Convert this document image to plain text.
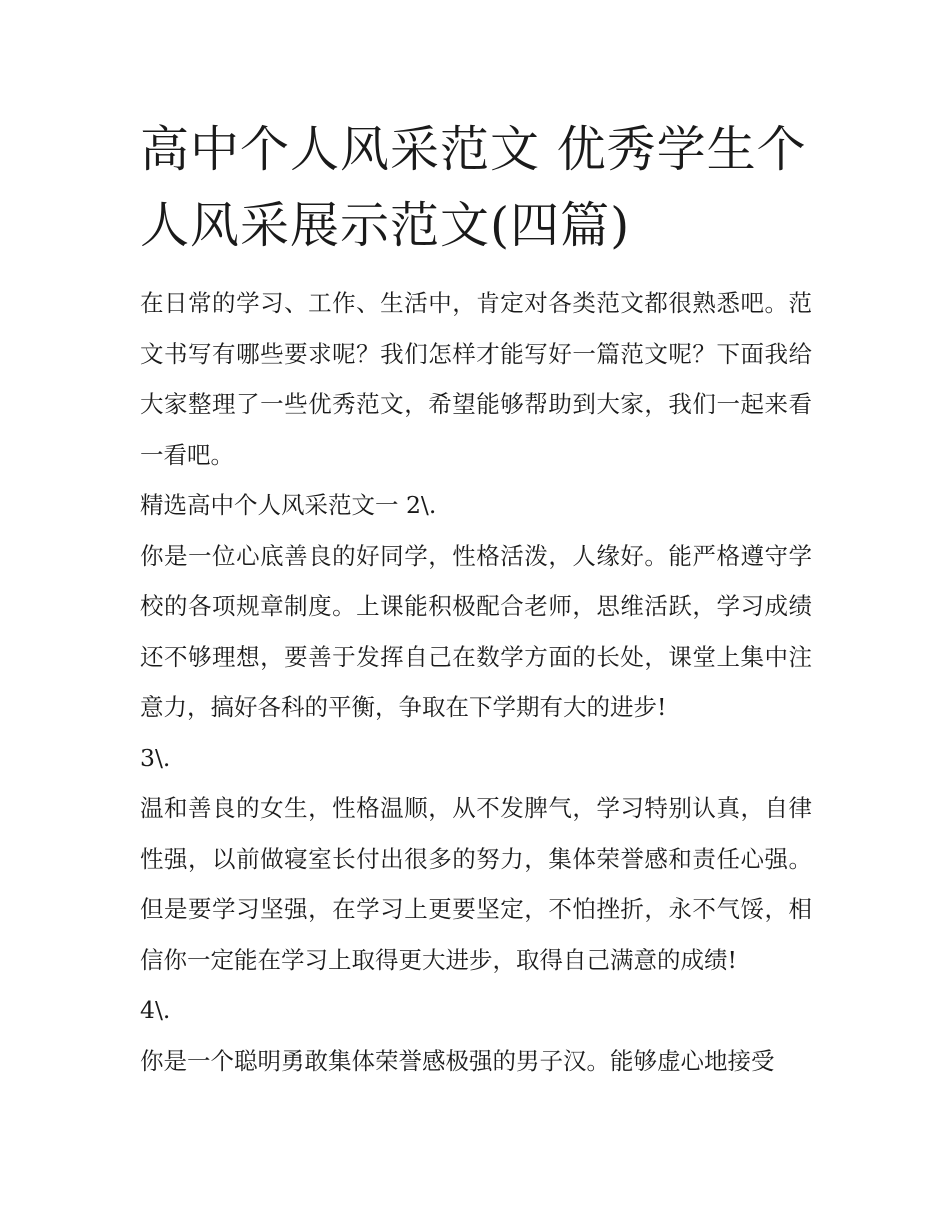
高中个人风采范文 优秀学生个人风采展示范文(四篇)

在日常的学习、工作、生活中，肯定对各类范文都很熟悉吧。范文书写有哪些要求呢？我们怎样才能写好一篇范文呢？下面我给大家整理了一些优秀范文，希望能够帮助到大家，我们一起来看一看吧。

精选高中个人风采范文一 2\.

你是一位心底善良的好同学，性格活泼，人缘好。能严格遵守学校的各项规章制度。上课能积极配合老师，思维活跃，学习成绩还不够理想，要善于发挥自己在数学方面的长处，课堂上集中注意力，搞好各科的平衡，争取在下学期有大的进步!

3\.

温和善良的女生，性格温顺，从不发脾气，学习特别认真，自律性强，以前做寝室长付出很多的努力，集体荣誉感和责任心强。但是要学习坚强，在学习上更要坚定，不怕挫折，永不气馁，相信你一定能在学习上取得更大进步，取得自己满意的成绩!

4\.

你是一个聪明勇敢集体荣誉感极强的男子汉。能够虚心地接受
